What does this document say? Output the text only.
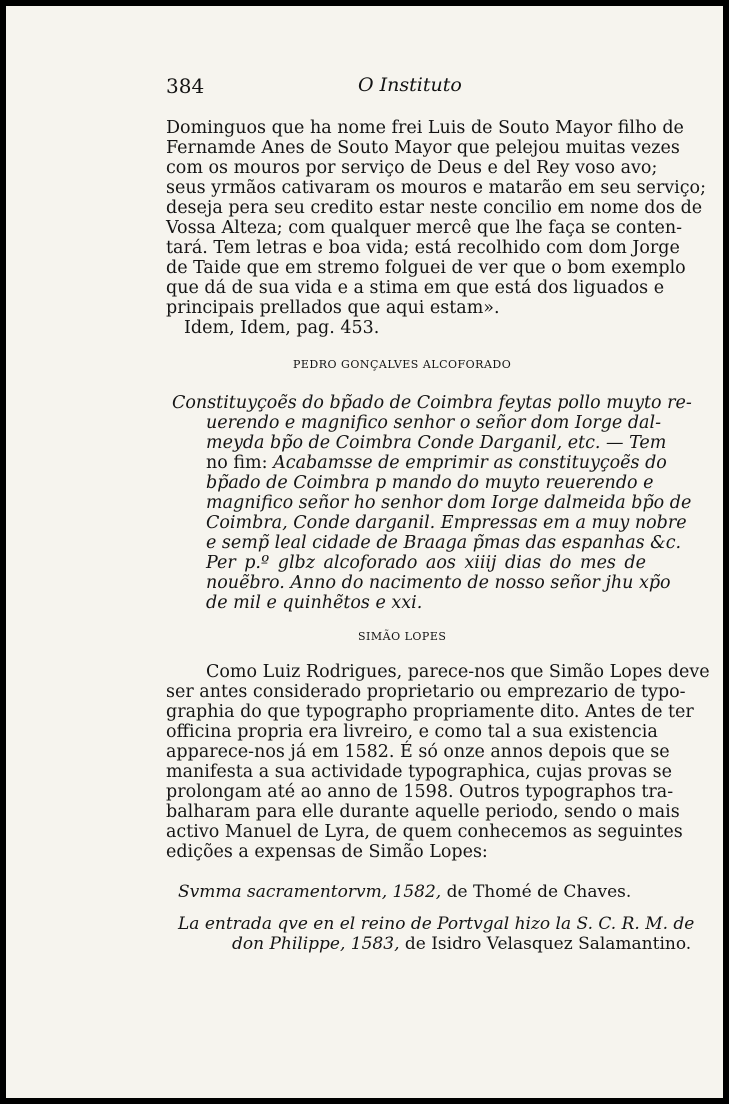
384	O Instituto
Dominguos que ha nome frei Luis de Souto Mayor filho de
Fernamde Anes de Souto Mayor que pelejou muitas vezes
com os mouros por serviço de Deus e del Rey voso avo;
seus yrmãos cativaram os mouros e matarão em seu serviço;
deseja pera seu credito estar neste concilio em nome dos de
Vossa Alteza; com qualquer mercê que lhe faça se conten-
tará. Tem letras e boa vida; está recolhido com dom Jorge
de Taide que em stremo folguei de ver que o bom exemplo
que dá de sua vida e a stima em que está dos liguados e
principais prellados que aqui estam».
Idem, Idem, pag. 453.
PEDRO GONÇALVES ALCOFORADO
Constituyçoẽs do bp̃ado de Coimbra feytas pollo muyto re-
uerendo e magnifico senhor o señor dom Iorge dal-
meyda bp̃o de Coimbra Conde Darganil, etc. — Tem
no fim: Acabamsse de emprimir as constituyçoẽs do
bp̃ado de Coimbra p mando do muyto reuerendo e
magnifico señor ho senhor dom Iorge dalmeida bp̃o de
Coimbra, Conde darganil. Empressas em a muy nobre
e semp̃ leal cidade de Braaga p̃mas das espanhas &c.
Per p.º glbz alcoforado aos xiiij dias do mes de
nouẽbro. Anno do nacimento de nosso señor jhu xp̃o
de mil e quinhẽtos e xxi.
SIMÃO LOPES
Como Luiz Rodrigues, parece-nos que Simão Lopes deve
ser antes considerado proprietario ou emprezario de typo-
graphia do que typographo propriamente dito. Antes de ter
officina propria era livreiro, e como tal a sua existencia
apparece-nos já em 1582. É só onze annos depois que se
manifesta a sua actividade typographica, cujas provas se
prolongam até ao anno de 1598. Outros typographos tra-
balharam para elle durante aquelle periodo, sendo o mais
activo Manuel de Lyra, de quem conhecemos as seguintes
edições a expensas de Simão Lopes:
Svmma sacramentorvm, 1582, de Thomé de Chaves.
La entrada qve en el reino de Portvgal hizo la S. C. R. M. de
don Philippe, 1583, de Isidro Velasquez Salamantino.
